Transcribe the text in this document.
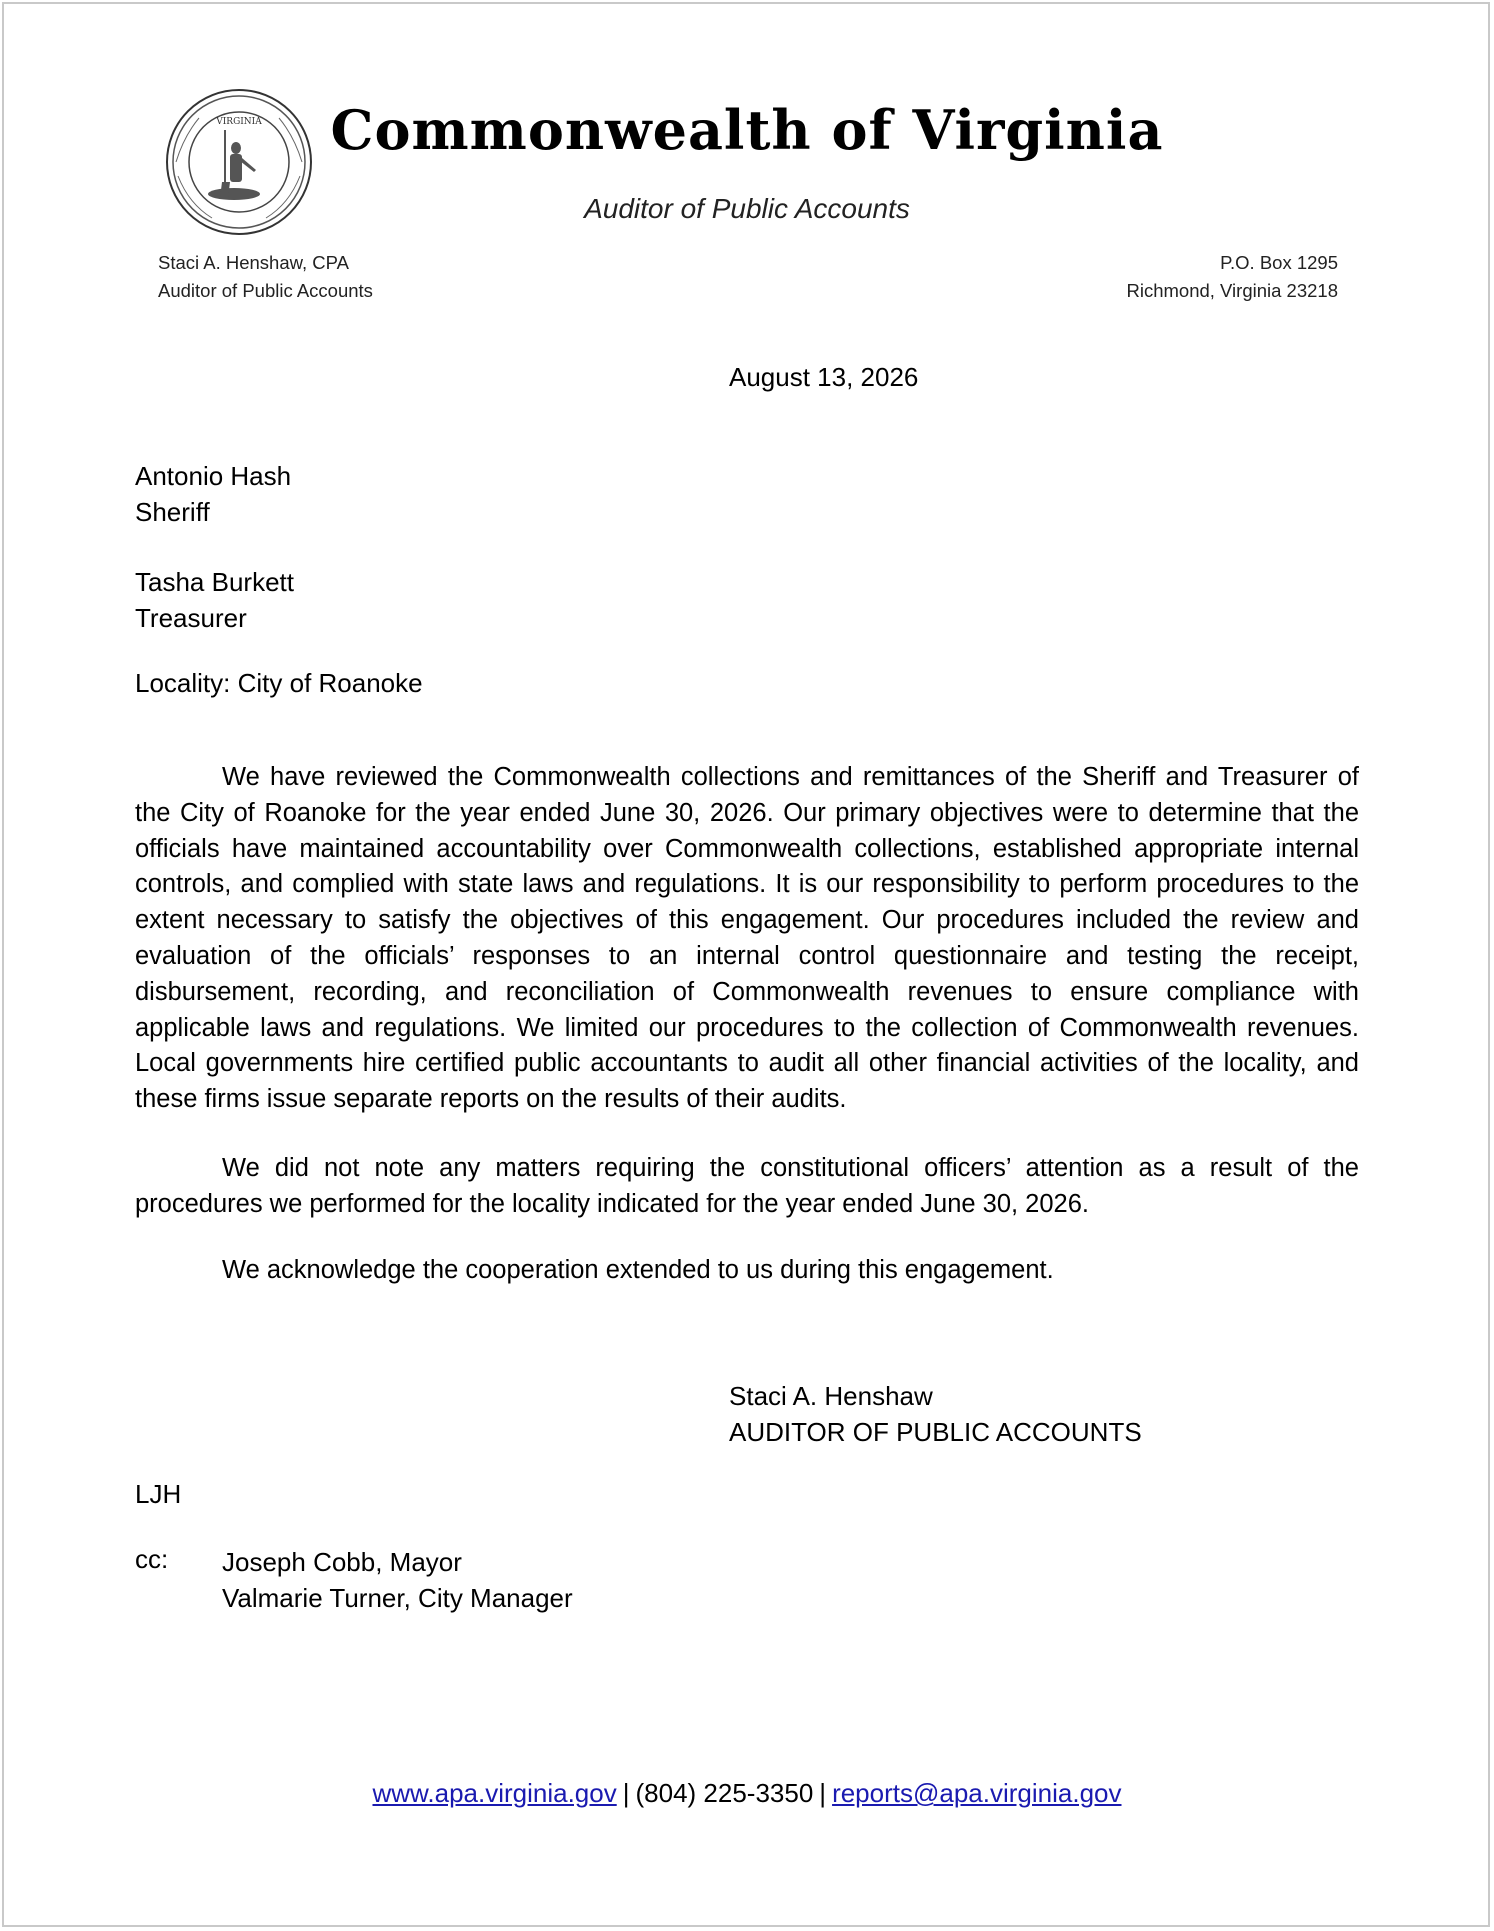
VIRGINIA	Commonwealth of Virginia
Auditor of Public Accounts
Staci A. Henshaw, CPA
Auditor of Public Accounts
P.O. Box 1295
Richmond, Virginia 23218
August 13, 2026
Antonio Hash
Sheriff
Tasha Burkett
Treasurer
Locality: City of Roanoke
We have reviewed the Commonwealth collections and remittances of the Sheriff and Treasurer of the City of Roanoke for the year ended June 30, 2026. Our primary objectives were to determine that the officials have maintained accountability over Commonwealth collections, established appropriate internal controls, and complied with state laws and regulations. It is our responsibility to perform procedures to the extent necessary to satisfy the objectives of this engagement. Our procedures included the review and evaluation of the officials’ responses to an internal control questionnaire and testing the receipt, disbursement, recording, and reconciliation of Commonwealth revenues to ensure compliance with applicable laws and regulations. We limited our procedures to the collection of Commonwealth revenues. Local governments hire certified public accountants to audit all other financial activities of the locality, and these firms issue separate reports on the results of their audits.
We did not note any matters requiring the constitutional officers’ attention as a result of the procedures we performed for the locality indicated for the year ended June 30, 2026.
We acknowledge the cooperation extended to us during this engagement.
Staci A. Henshaw
AUDITOR OF PUBLIC ACCOUNTS
LJH
cc: Joseph Cobb, Mayor
Valmarie Turner, City Manager
www.apa.virginia.gov | (804) 225-3350 | reports@apa.virginia.gov
